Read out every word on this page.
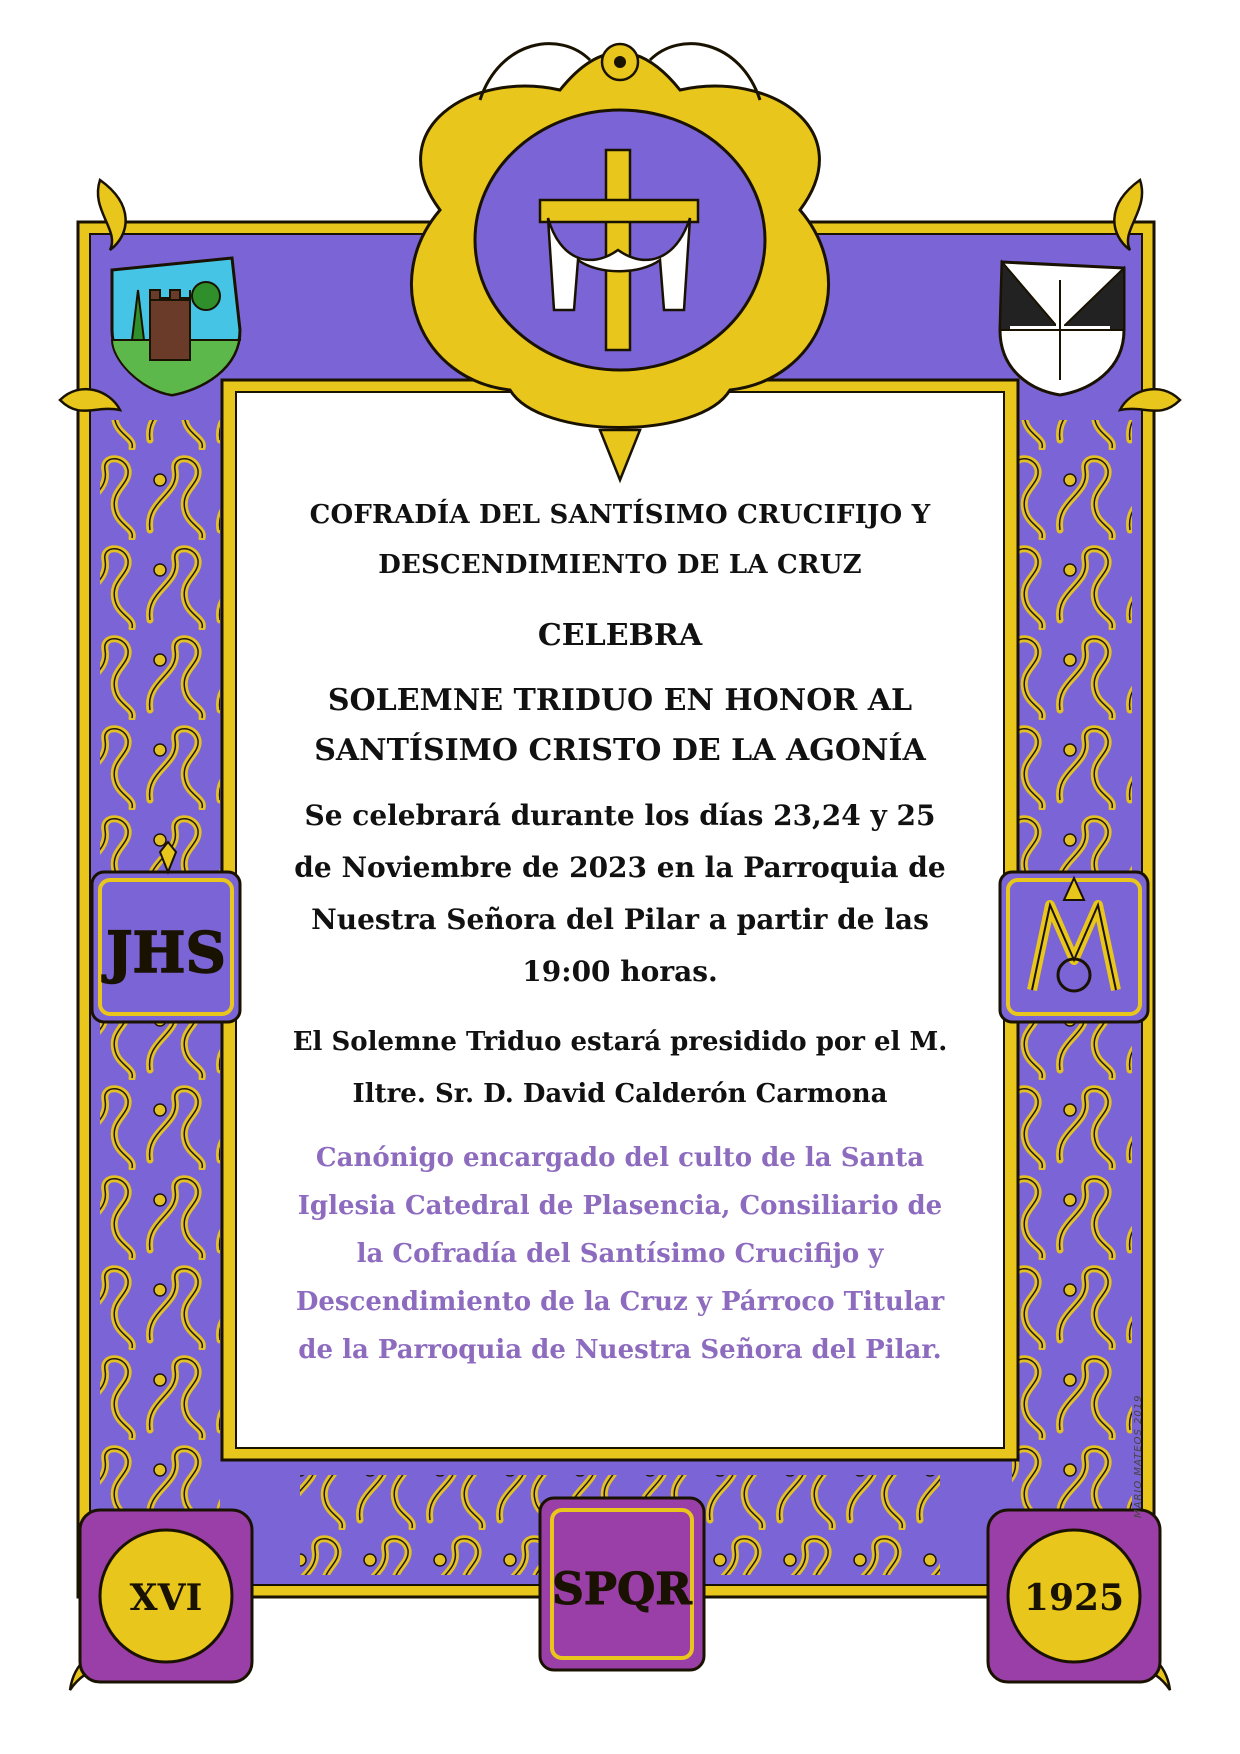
JHS
XVI	SPQR	1925
MARIO MATEOS 2019

COFRADÍA DEL SANTÍSIMO CRUCIFIJO Y

DESCENDIMIENTO DE LA CRUZ

CELEBRA

SOLEMNE TRIDUO EN HONOR AL

SANTÍSIMO CRISTO DE LA AGONÍA

Se celebrará durante los días 23,24 y 25

de Noviembre de 2023 en la Parroquia de

Nuestra Señora del Pilar a partir de las

19:00 horas.

El Solemne Triduo estará presidido por el M.

Iltre. Sr. D. David Calderón Carmona

Canónigo encargado del culto de la Santa

Iglesia Catedral de Plasencia, Consiliario de

la Cofradía del Santísimo Crucifijo y

Descendimiento de la Cruz y Párroco Titular

de la Parroquia de Nuestra Señora del Pilar.
